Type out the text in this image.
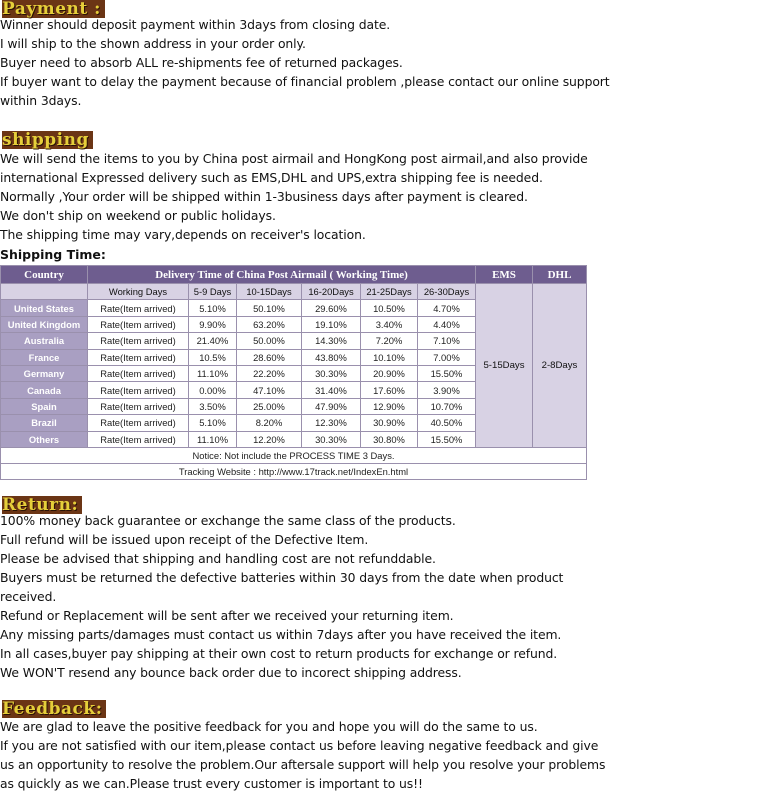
Payment :
Winner should deposit payment within 3days from closing date.
I will ship to the shown address in your order only.
Buyer need to absorb ALL re-shipments fee of returned packages.
If buyer want to delay the payment because of financial problem ,please contact our online support
within 3days.
shipping
We will send the items to you by China post airmail and HongKong post airmail,and also provide
international Expressed delivery such as EMS,DHL and UPS,extra shipping fee is needed.
Normally ,Your order will be shipped within 1-3business days after payment is cleared.
We don't ship on weekend or public holidays.
The shipping time may vary,depends on receiver's location.
Shipping Time:
Country	Delivery Time of China Post Airmail ( Working Time)						EMS	DHL
	Working Days	5-9 Days	10-15Days	16-20Days	21-25Days	26-30Days	5-15Days	2-8Days
United States	Rate(Item arrived)	5.10%	50.10%	29.60%	10.50%	4.70%		
United Kingdom	Rate(Item arrived)	9.90%	63.20%	19.10%	3.40%	4.40%		
Australia	Rate(Item arrived)	21.40%	50.00%	14.30%	7.20%	7.10%		
France	Rate(Item arrived)	10.5%	28.60%	43.80%	10.10%	7.00%		
Germany	Rate(Item arrived)	11.10%	22.20%	30.30%	20.90%	15.50%		
Canada	Rate(Item arrived)	0.00%	47.10%	31.40%	17.60%	3.90%		
Spain	Rate(Item arrived)	3.50%	25.00%	47.90%	12.90%	10.70%		
Brazil	Rate(Item arrived)	5.10%	8.20%	12.30%	30.90%	40.50%		
Others	Rate(Item arrived)	11.10%	12.20%	30.30%	30.80%	15.50%		
Notice: Not include the PROCESS TIME 3 Days.								
Tracking Website : http://www.17track.net/IndexEn.html								
Return:
100% money back guarantee or exchange the same class of the products.
Full refund will be issued upon receipt of the Defective Item.
Please be advised that shipping and handling cost are not refunddable.
Buyers must be returned the defective batteries within 30 days from the date when product
received.
Refund or Replacement will be sent after we received your returning item.
Any missing parts/damages must contact us within 7days after you have received the item.
In all cases,buyer pay shipping at their own cost to return products for exchange or refund.
We WON'T resend any bounce back order due to incorect shipping address.
Feedback:
We are glad to leave the positive feedback for you and hope you will do the same to us.
If you are not satisfied with our item,please contact us before leaving negative feedback and give
us an opportunity to resolve the problem.Our aftersale support will help you resolve your problems
as quickly as we can.Please trust every customer is important to us!!
